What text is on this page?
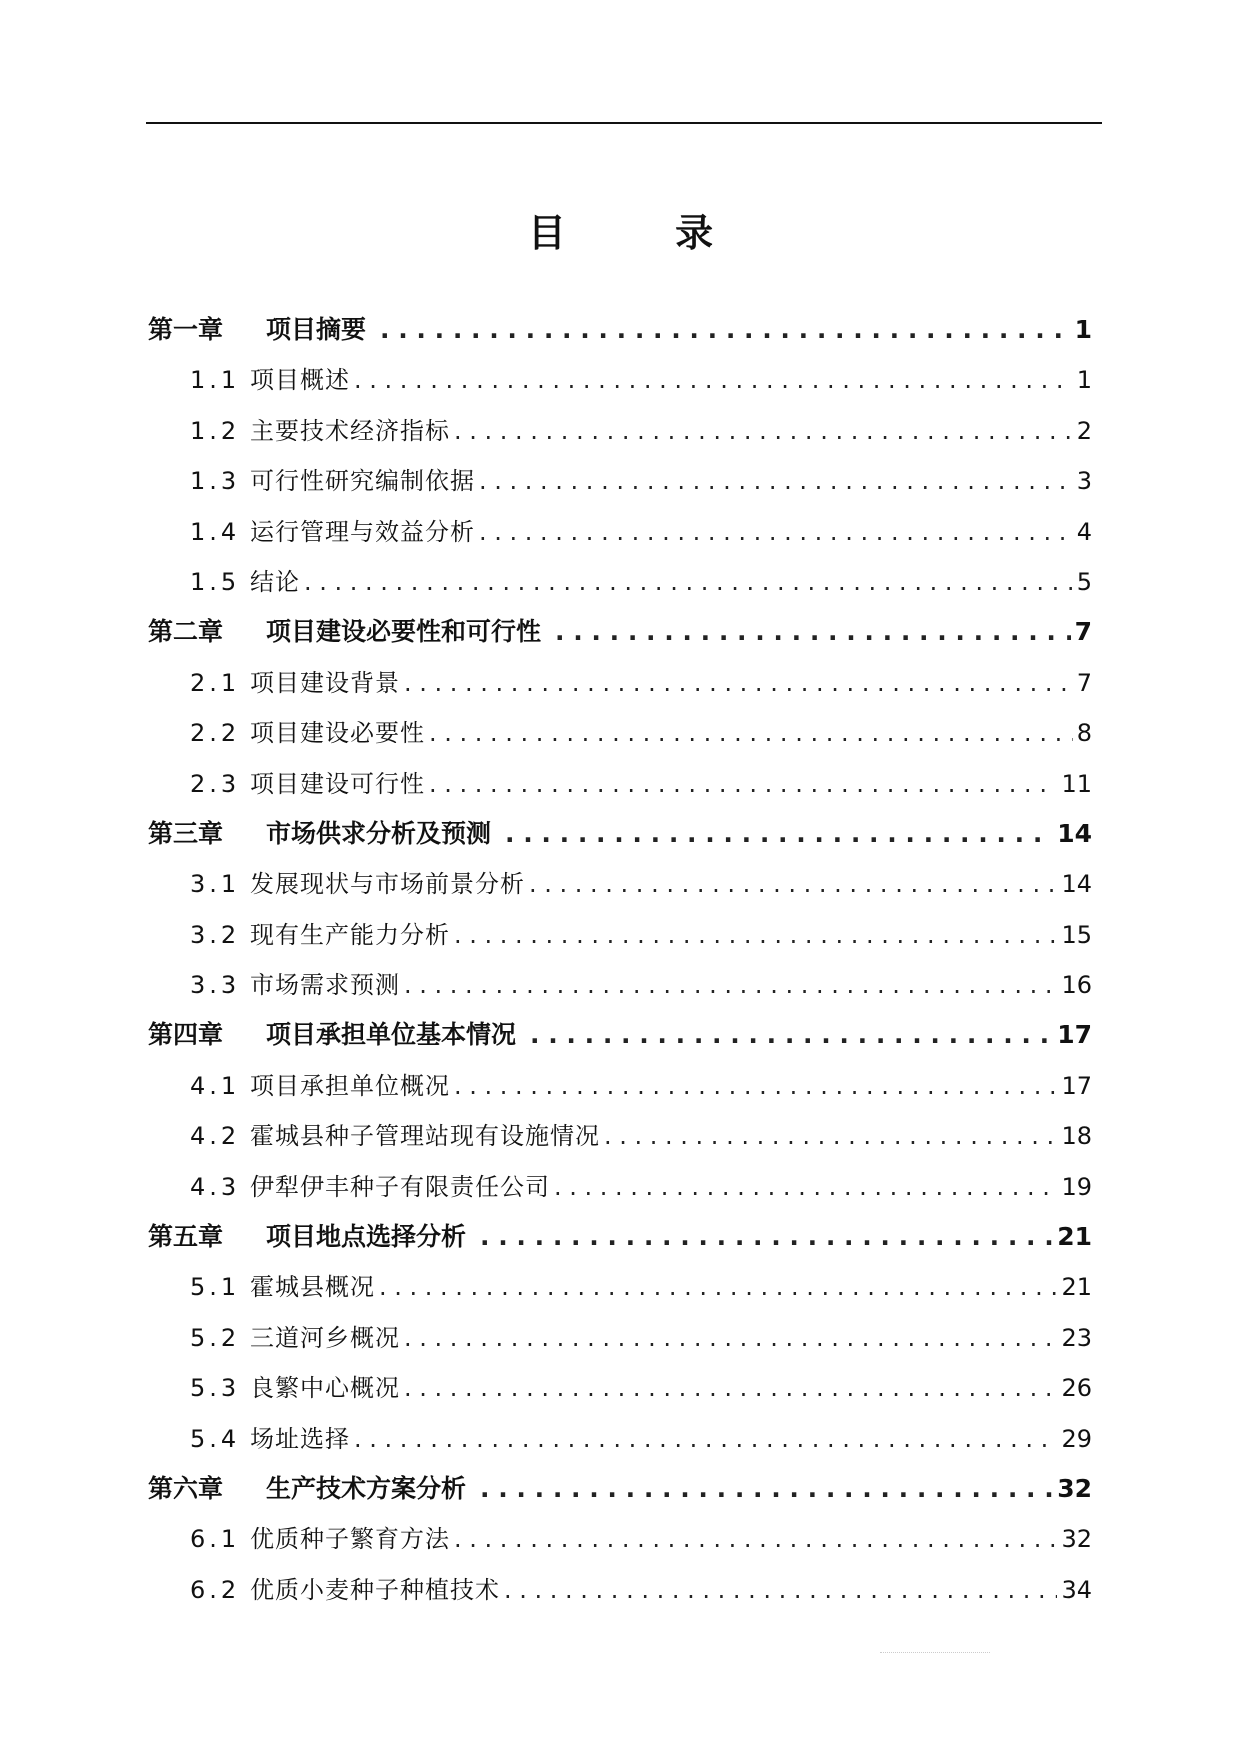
目 录
第一章	项目摘要 . . .	1
1.1 项目概述 . . .	1
1.2 主要技术经济指标 . . .	2
1.3 可行性研究编制依据 . . .	3
1.4 运行管理与效益分析 . . .	4
1.5 结论 . . .	5
第二章	项目建设必要性和可行性 . . .	7
2.1 项目建设背景 . . .	7
2.2 项目建设必要性 . . .	8
2.3 项目建设可行性 . . .	11
第三章	市场供求分析及预测 . . .	14
3.1 发展现状与市场前景分析 . . .	14
3.2 现有生产能力分析 . . .	15
3.3 市场需求预测 . . .	16
第四章	项目承担单位基本情况 . . .	17
4.1 项目承担单位概况 . . .	17
4.2 霍城县种子管理站现有设施情况 . . .	18
4.3 伊犁伊丰种子有限责任公司 . . .	19
第五章	项目地点选择分析 . . .	21
5.1 霍城县概况 . . .	21
5.2 三道河乡概况 . . .	23
5.3 良繁中心概况 . . .	26
5.4 场址选择 . . .	29
第六章	生产技术方案分析 . . .	32
6.1 优质种子繁育方法 . . .	32
6.2 优质小麦种子种植技术 . . .	34
